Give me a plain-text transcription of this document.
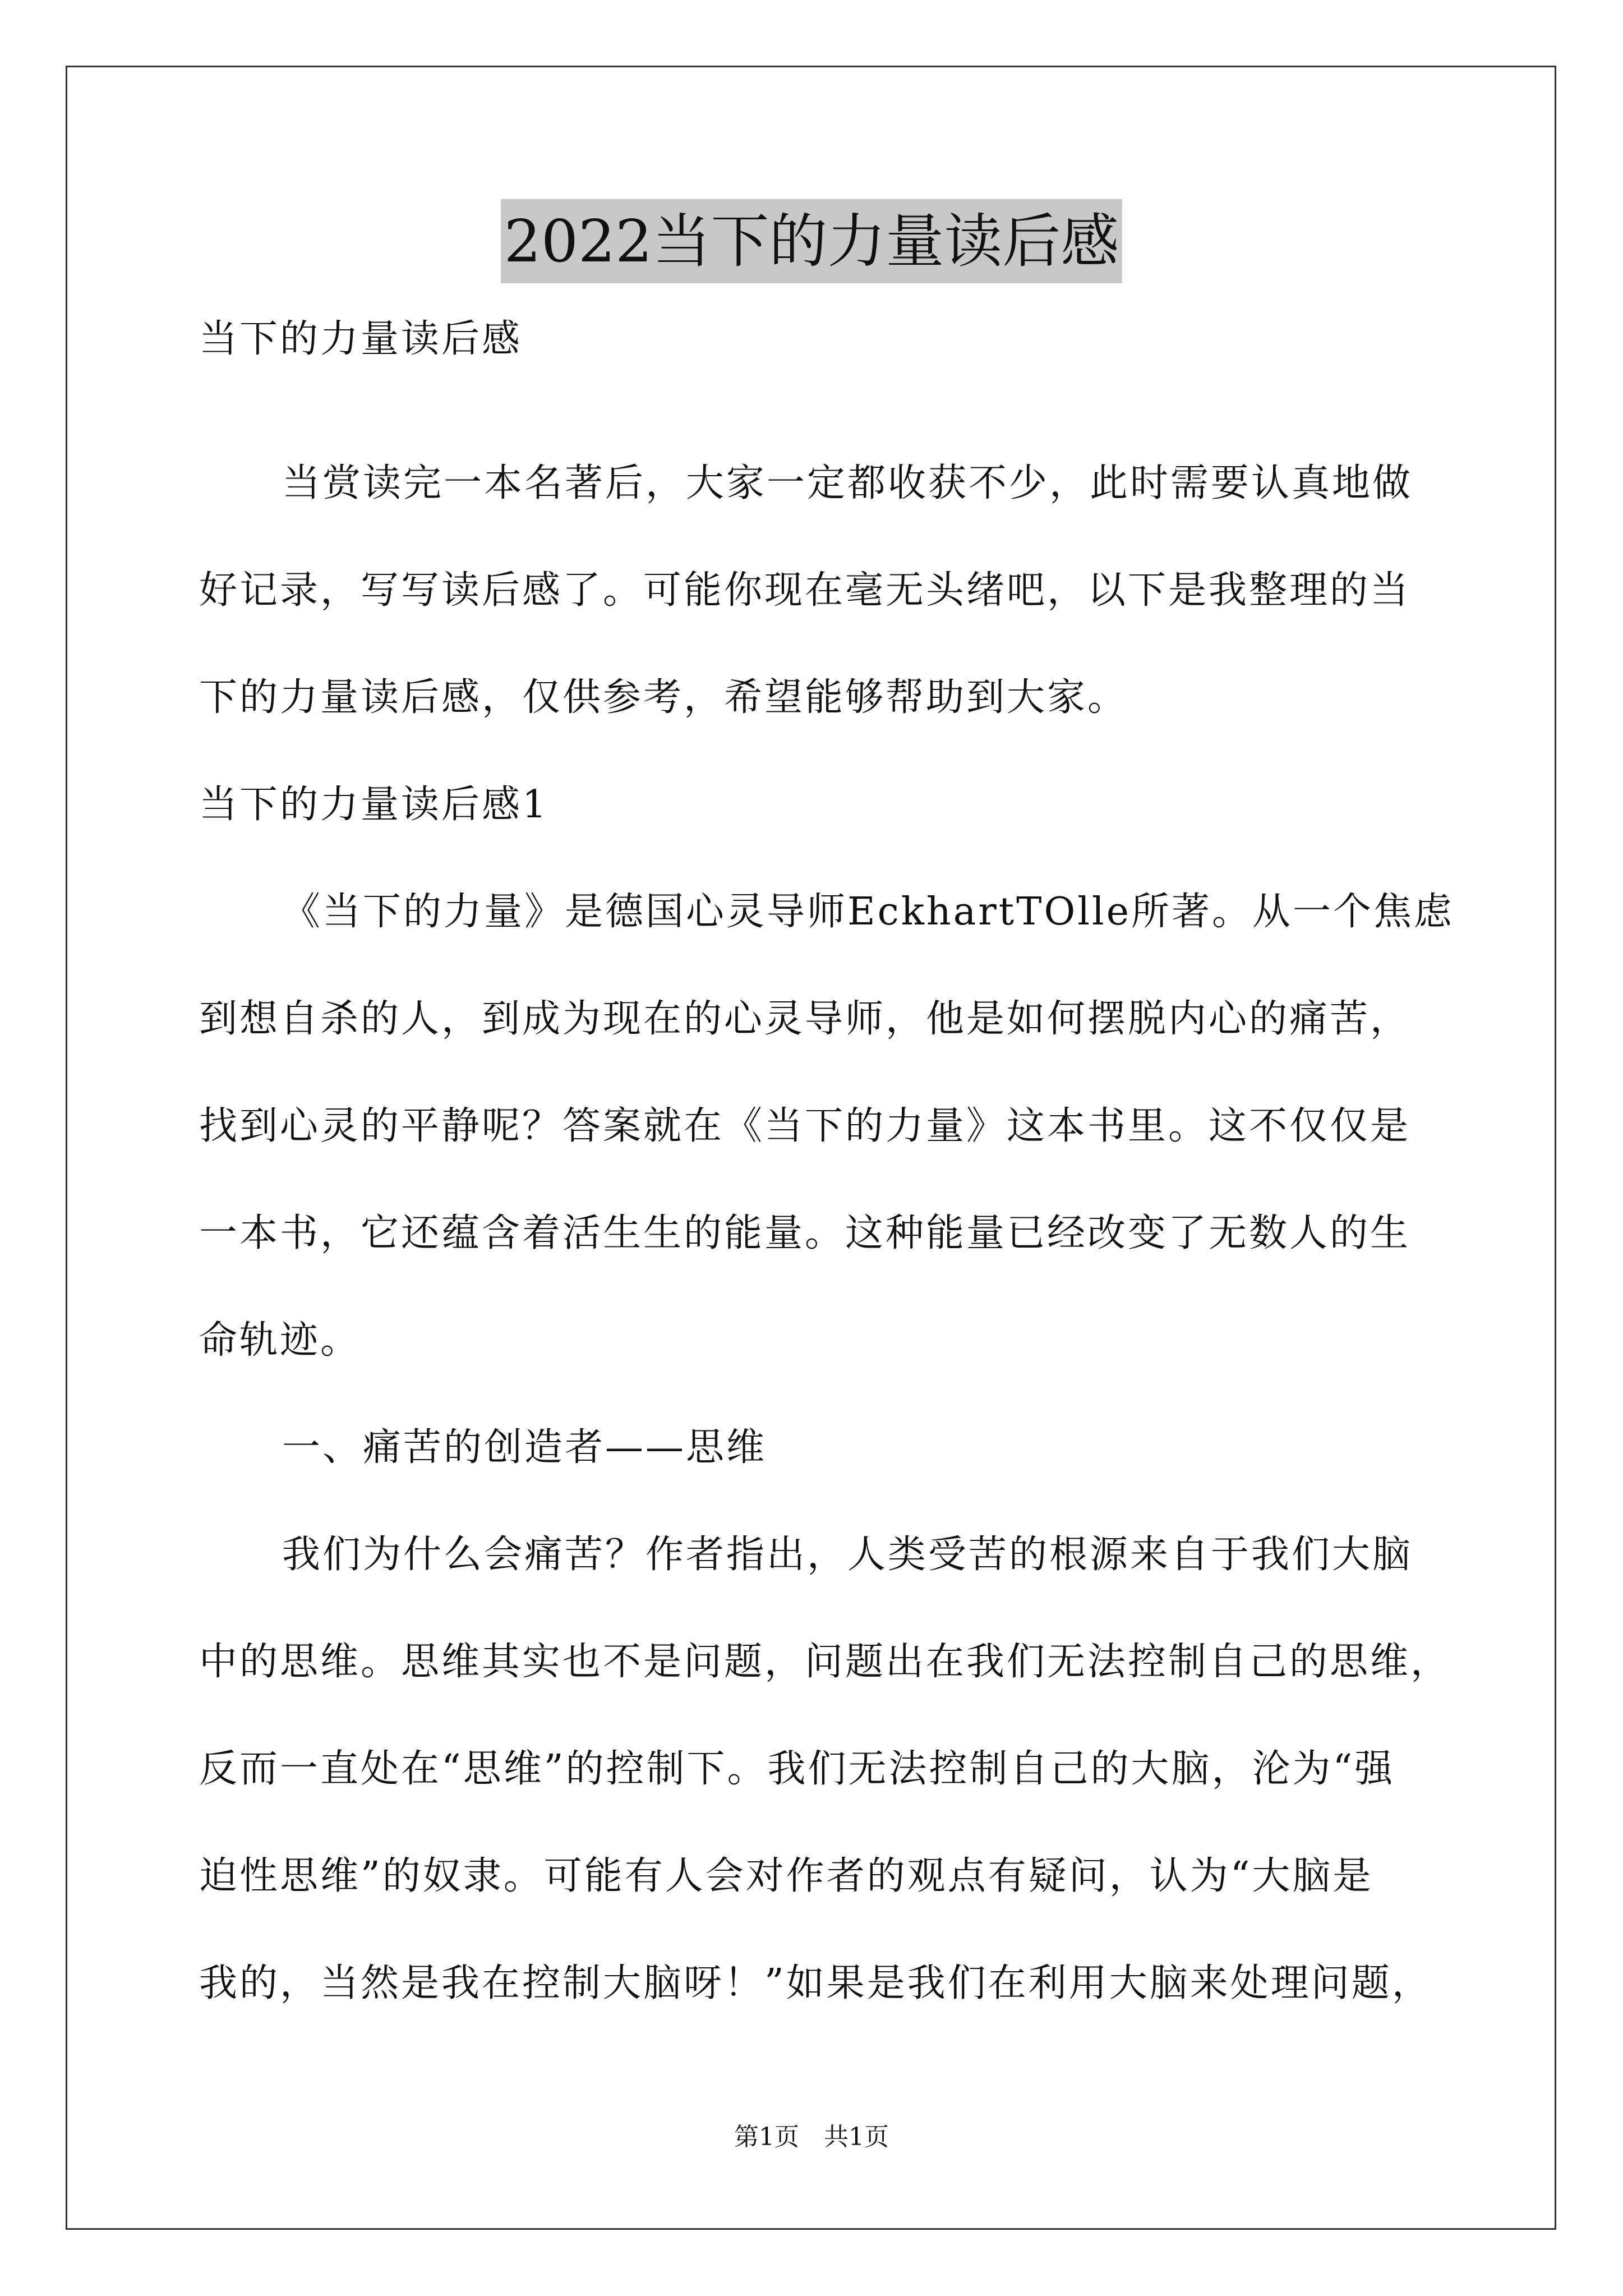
2022当下的力量读后感
当下的力量读后感
当赏读完一本名著后，大家一定都收获不少，此时需要认真地做
好记录，写写读后感了。可能你现在毫无头绪吧，以下是我整理的当
下的力量读后感，仅供参考，希望能够帮助到大家。
当下的力量读后感1
《当下的力量》是德国心灵导师EckhartTOlle所著。从一个焦虑
到想自杀的人，到成为现在的心灵导师，他是如何摆脱内心的痛苦，
找到心灵的平静呢？答案就在《当下的力量》这本书里。这不仅仅是
一本书，它还蕴含着活生生的能量。这种能量已经改变了无数人的生
命轨迹。
一、痛苦的创造者——思维
我们为什么会痛苦？作者指出，人类受苦的根源来自于我们大脑
中的思维。思维其实也不是问题，问题出在我们无法控制自己的思维，
反而一直处在“思维”的控制下。我们无法控制自己的大脑，沦为“强
迫性思维”的奴隶。可能有人会对作者的观点有疑问，认为“大脑是
我的，当然是我在控制大脑呀！”如果是我们在利用大脑来处理问题，
第1页　共1页
